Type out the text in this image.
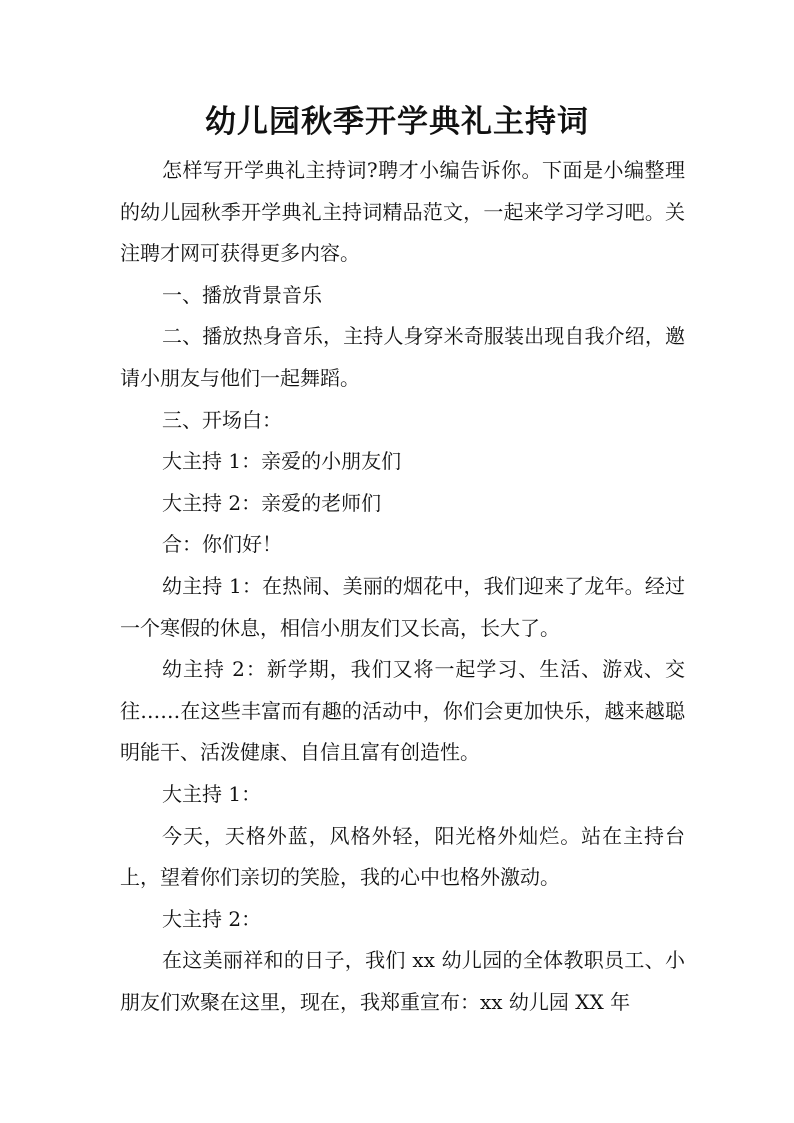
幼儿园秋季开学典礼主持词

怎样写开学典礼主持词?聘才小编告诉你。下面是小编整理的幼儿园秋季开学典礼主持词精品范文，一起来学习学习吧。关注聘才网可获得更多内容。

一、播放背景音乐

二、播放热身音乐，主持人身穿米奇服装出现自我介绍，邀请小朋友与他们一起舞蹈。

三、开场白：

大主持 1：亲爱的小朋友们

大主持 2：亲爱的老师们

合：你们好！

幼主持 1：在热闹、美丽的烟花中，我们迎来了龙年。经过一个寒假的休息，相信小朋友们又长高，长大了。

幼主持 2：新学期，我们又将一起学习、生活、游戏、交往……在这些丰富而有趣的活动中，你们会更加快乐，越来越聪明能干、活泼健康、自信且富有创造性。

大主持 1：

今天，天格外蓝，风格外轻，阳光格外灿烂。站在主持台上，望着你们亲切的笑脸，我的心中也格外激动。

大主持 2：

在这美丽祥和的日子，我们 xx 幼儿园的全体教职员工、小朋友们欢聚在这里，现在，我郑重宣布：xx 幼儿园 XX 年
